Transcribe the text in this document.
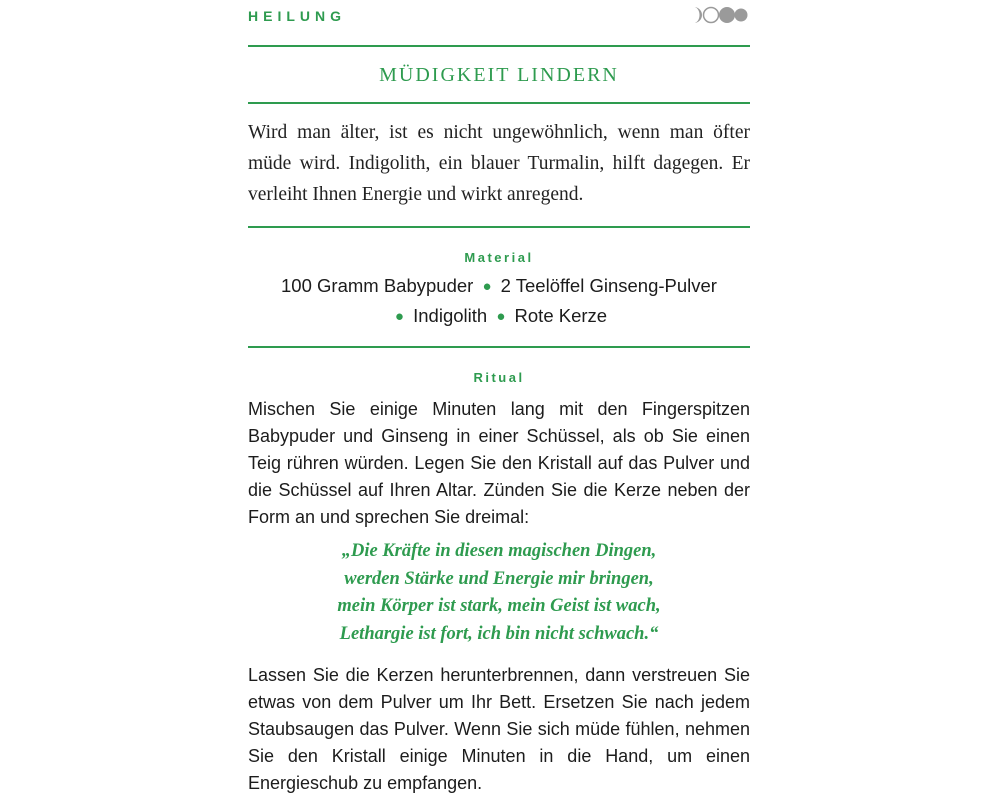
HEILUNG
MÜDIGKEIT LINDERN

Wird man älter, ist es nicht ungewöhnlich, wenn man öfter müde wird. Indigolith, ein blauer Turmalin, hilft dagegen. Er verleiht Ihnen Energie und wirkt anregend.

Material
100 Gramm Babypuder ● 2 Teelöffel Ginseng-Pulver
● Indigolith ● Rote Kerze
Ritual

Mischen Sie einige Minuten lang mit den Fingerspitzen Babypuder und Ginseng in einer Schüssel, als ob Sie einen Teig rühren würden. Legen Sie den Kristall auf das Pulver und die Schüssel auf Ihren Altar. Zünden Sie die Kerze neben der Form an und sprechen Sie dreimal:

„Die Kräfte in diesen magischen Dingen,
werden Stärke und Energie mir bringen,
mein Körper ist stark, mein Geist ist wach,
Lethargie ist fort, ich bin nicht schwach.“

Lassen Sie die Kerzen herunterbrennen, dann verstreuen Sie etwas von dem Pulver um Ihr Bett. Ersetzen Sie nach jedem Staubsaugen das Pulver. Wenn Sie sich müde fühlen, nehmen Sie den Kristall einige Minuten in die Hand, um einen Energieschub zu empfangen.
